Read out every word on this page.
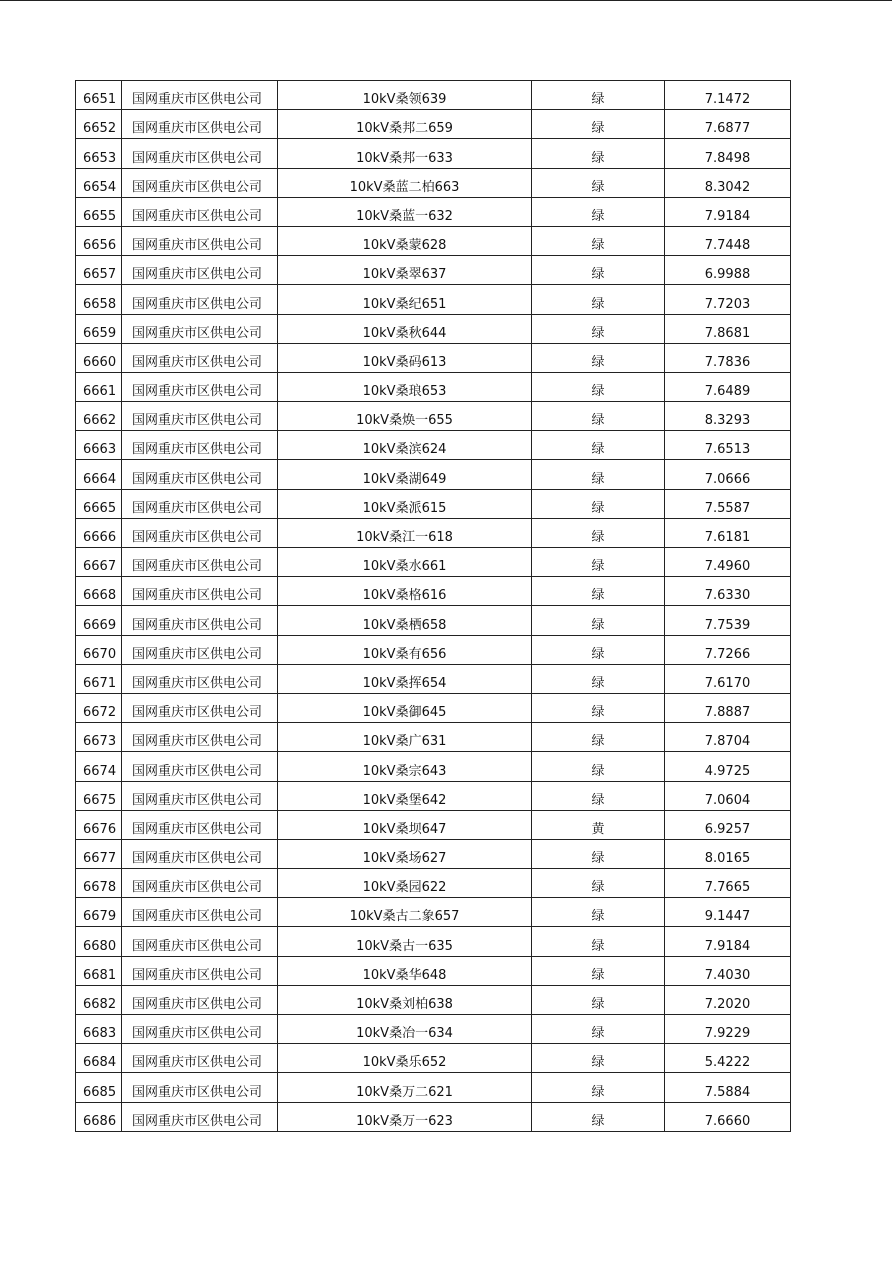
6651	国网重庆市区供电公司	10kV桑领639	绿	7.1472
6652	国网重庆市区供电公司	10kV桑邦二659	绿	7.6877
6653	国网重庆市区供电公司	10kV桑邦一633	绿	7.8498
6654	国网重庆市区供电公司	10kV桑蓝二柏663	绿	8.3042
6655	国网重庆市区供电公司	10kV桑蓝一632	绿	7.9184
6656	国网重庆市区供电公司	10kV桑蒙628	绿	7.7448
6657	国网重庆市区供电公司	10kV桑翠637	绿	6.9988
6658	国网重庆市区供电公司	10kV桑纪651	绿	7.7203
6659	国网重庆市区供电公司	10kV桑秋644	绿	7.8681
6660	国网重庆市区供电公司	10kV桑码613	绿	7.7836
6661	国网重庆市区供电公司	10kV桑琅653	绿	7.6489
6662	国网重庆市区供电公司	10kV桑焕一655	绿	8.3293
6663	国网重庆市区供电公司	10kV桑滨624	绿	7.6513
6664	国网重庆市区供电公司	10kV桑湖649	绿	7.0666
6665	国网重庆市区供电公司	10kV桑派615	绿	7.5587
6666	国网重庆市区供电公司	10kV桑江一618	绿	7.6181
6667	国网重庆市区供电公司	10kV桑水661	绿	7.4960
6668	国网重庆市区供电公司	10kV桑格616	绿	7.6330
6669	国网重庆市区供电公司	10kV桑栖658	绿	7.7539
6670	国网重庆市区供电公司	10kV桑有656	绿	7.7266
6671	国网重庆市区供电公司	10kV桑挥654	绿	7.6170
6672	国网重庆市区供电公司	10kV桑御645	绿	7.8887
6673	国网重庆市区供电公司	10kV桑广631	绿	7.8704
6674	国网重庆市区供电公司	10kV桑宗643	绿	4.9725
6675	国网重庆市区供电公司	10kV桑堡642	绿	7.0604
6676	国网重庆市区供电公司	10kV桑坝647	黄	6.9257
6677	国网重庆市区供电公司	10kV桑场627	绿	8.0165
6678	国网重庆市区供电公司	10kV桑园622	绿	7.7665
6679	国网重庆市区供电公司	10kV桑古二象657	绿	9.1447
6680	国网重庆市区供电公司	10kV桑古一635	绿	7.9184
6681	国网重庆市区供电公司	10kV桑华648	绿	7.4030
6682	国网重庆市区供电公司	10kV桑刘柏638	绿	7.2020
6683	国网重庆市区供电公司	10kV桑冶一634	绿	7.9229
6684	国网重庆市区供电公司	10kV桑乐652	绿	5.4222
6685	国网重庆市区供电公司	10kV桑万二621	绿	7.5884
6686	国网重庆市区供电公司	10kV桑万一623	绿	7.6660
